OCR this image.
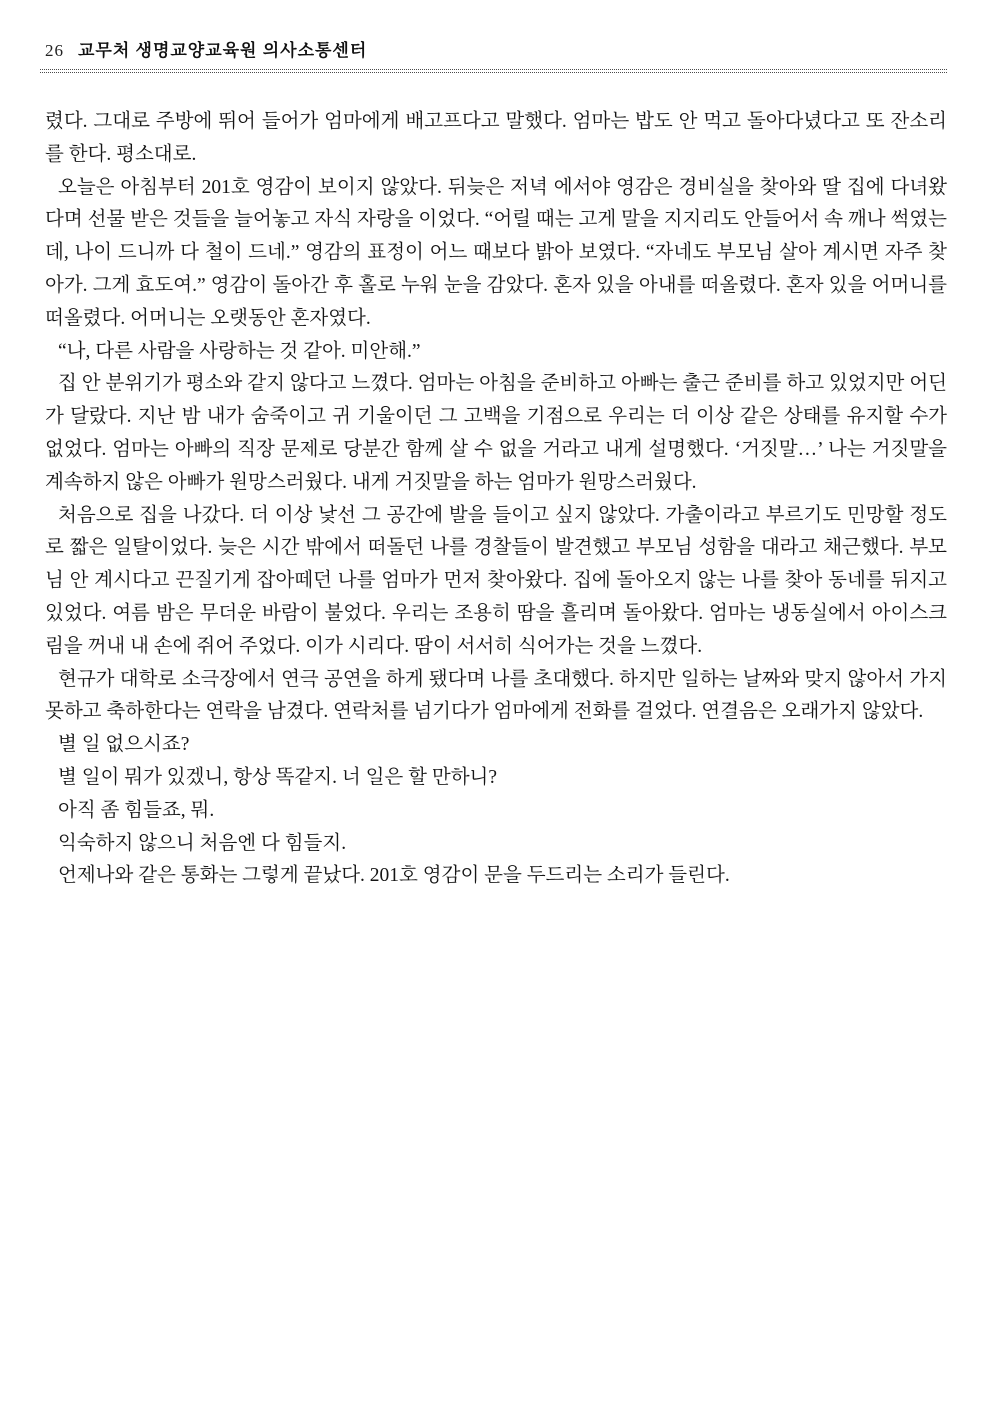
26 교무처 생명교양교육원 의사소통센터

렸다. 그대로 주방에 뛰어 들어가 엄마에게 배고프다고 말했다. 엄마는 밥도 안 먹고 돌아다녔다고 또 잔소리를 한다. 평소대로.

오늘은 아침부터 201호 영감이 보이지 않았다. 뒤늦은 저녁 에서야 영감은 경비실을 찾아와 딸 집에 다녀왔다며 선물 받은 것들을 늘어놓고 자식 자랑을 이었다. “어릴 때는 고게 말을 지지리도 안들어서 속 깨나 썩였는데, 나이 드니까 다 철이 드네.” 영감의 표정이 어느 때보다 밝아 보였다. “자네도 부모님 살아 계시면 자주 찾아가. 그게 효도여.” 영감이 돌아간 후 홀로 누워 눈을 감았다. 혼자 있을 아내를 떠올렸다. 혼자 있을 어머니를 떠올렸다. 어머니는 오랫동안 혼자였다.

“나, 다른 사람을 사랑하는 것 같아. 미안해.”

집 안 분위기가 평소와 같지 않다고 느꼈다. 엄마는 아침을 준비하고 아빠는 출근 준비를 하고 있었지만 어딘가 달랐다. 지난 밤 내가 숨죽이고 귀 기울이던 그 고백을 기점으로 우리는 더 이상 같은 상태를 유지할 수가 없었다. 엄마는 아빠의 직장 문제로 당분간 함께 살 수 없을 거라고 내게 설명했다. ‘거짓말…’ 나는 거짓말을 계속하지 않은 아빠가 원망스러웠다. 내게 거짓말을 하는 엄마가 원망스러웠다.

처음으로 집을 나갔다. 더 이상 낯선 그 공간에 발을 들이고 싶지 않았다. 가출이라고 부르기도 민망할 정도로 짧은 일탈이었다. 늦은 시간 밖에서 떠돌던 나를 경찰들이 발견했고 부모님 성함을 대라고 채근했다. 부모님 안 계시다고 끈질기게 잡아떼던 나를 엄마가 먼저 찾아왔다. 집에 돌아오지 않는 나를 찾아 동네를 뒤지고 있었다. 여름 밤은 무더운 바람이 불었다. 우리는 조용히 땀을 흘리며 돌아왔다. 엄마는 냉동실에서 아이스크림을 꺼내 내 손에 쥐어 주었다. 이가 시리다. 땀이 서서히 식어가는 것을 느꼈다.

현규가 대학로 소극장에서 연극 공연을 하게 됐다며 나를 초대했다. 하지만 일하는 날짜와 맞지 않아서 가지 못하고 축하한다는 연락을 남겼다. 연락처를 넘기다가 엄마에게 전화를 걸었다. 연결음은 오래가지 않았다.

별 일 없으시죠?

별 일이 뭐가 있겠니, 항상 똑같지. 너 일은 할 만하니?

아직 좀 힘들죠, 뭐.

익숙하지 않으니 처음엔 다 힘들지.

언제나와 같은 통화는 그렇게 끝났다. 201호 영감이 문을 두드리는 소리가 들린다.
